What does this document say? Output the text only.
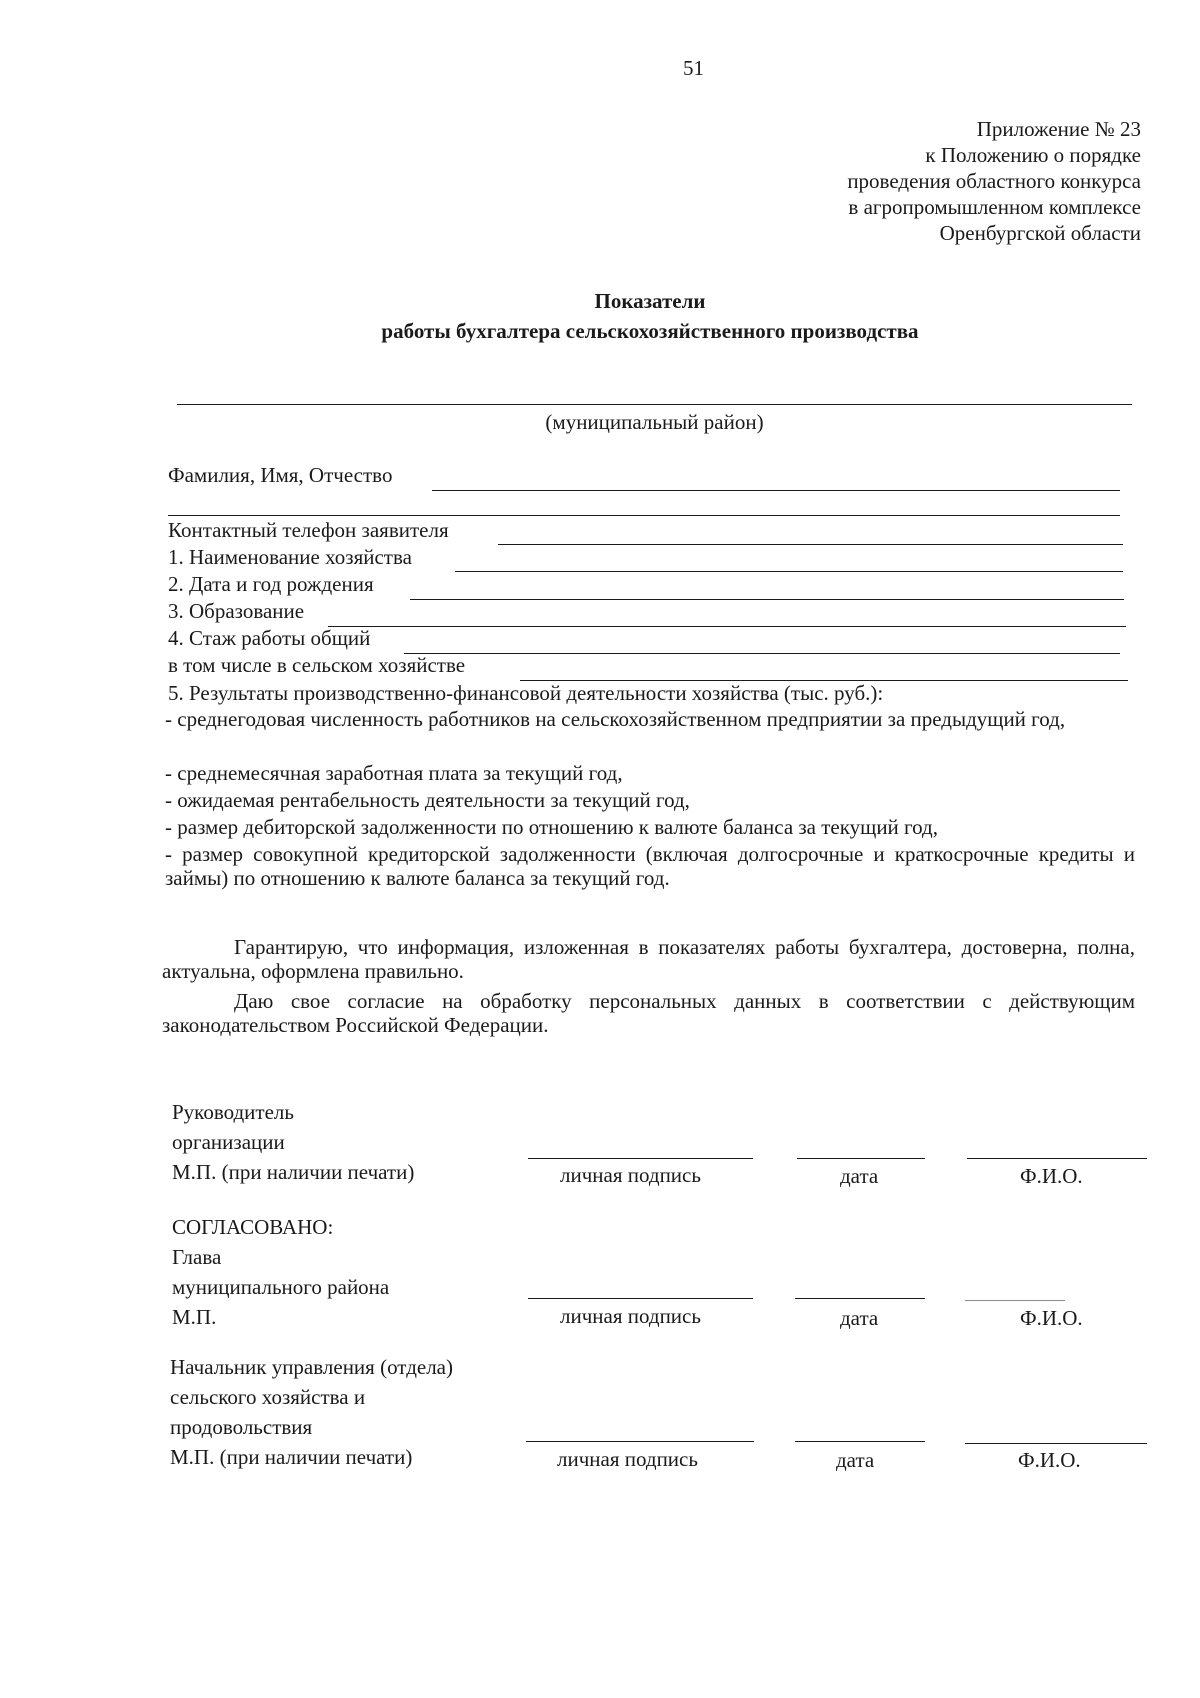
51
Приложение № 23
к Положению о порядке
проведения областного конкурса
в агропромышленном комплексе
Оренбургской области
Показатели
работы бухгалтера сельскохозяйственного производства
(муниципальный район)
Фамилия, Имя, Отчество
Контактный телефон заявителя
1. Наименование хозяйства
2. Дата и год рождения
3. Образование
4. Стаж работы общий
в том числе в сельском хозяйстве
5. Результаты производственно-финансовой деятельности хозяйства (тыс. руб.):
- среднегодовая численность работников на сельскохозяйственном предприятии за предыдущий год,
- среднемесячная заработная плата за текущий год,
- ожидаемая рентабельность деятельности за текущий год,
- размер дебиторской задолженности по отношению к валюте баланса за текущий год,
- размер совокупной кредиторской задолженности (включая долгосрочные и краткосрочные кредиты и займы) по отношению к валюте баланса за текущий год.
Гарантирую, что информация, изложенная в показателях работы бухгалтера, достоверна, полна, актуальна, оформлена правильно.
Даю свое согласие на обработку персональных данных в соответствии с действующим законодательством Российской Федерации.
Руководитель
организации
М.П. (при наличии печати)	личная подпись	дата	Ф.И.О.
СОГЛАСОВАНО:
Глава
муниципального района
М.П.	личная подпись	дата	Ф.И.О.
Начальник управления (отдела)
сельского хозяйства и
продовольствия
М.П. (при наличии печати)	личная подпись	дата	Ф.И.О.
